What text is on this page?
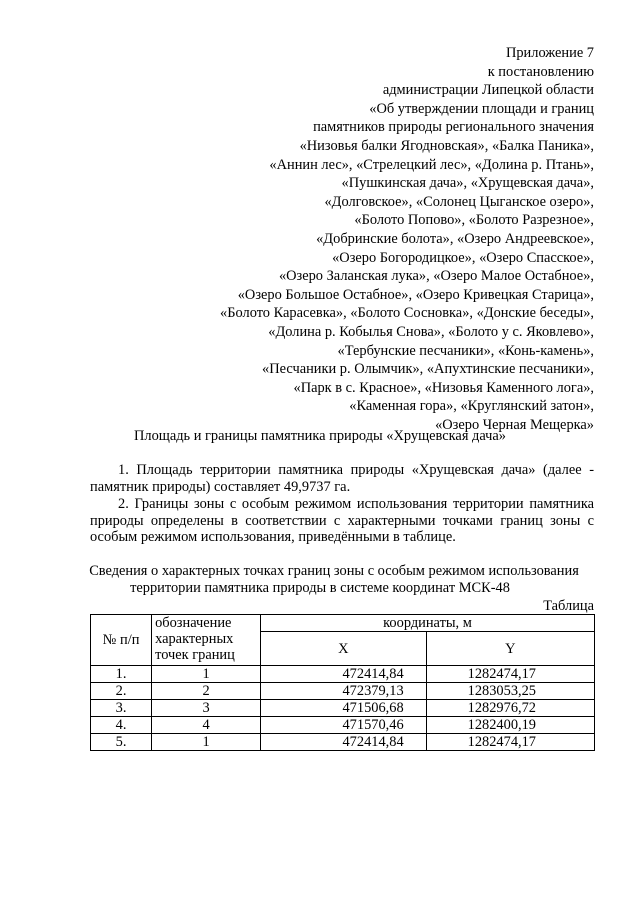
Приложение 7
к постановлению
администрации Липецкой области
«Об утверждении площади и границ
памятников природы регионального значения
«Низовья балки Ягодновская», «Балка Паника»,
«Аннин лес», «Стрелецкий лес», «Долина р. Птань»,
«Пушкинская дача», «Хрущевская дача»,
«Долговское», «Солонец Цыганское озеро»,
«Болото Попово», «Болото Разрезное»,
«Добринские болота», «Озеро Андреевское»,
«Озеро Богородицкое», «Озеро Спасское»,
«Озеро Заланская лука», «Озеро Малое Остабное»,
«Озеро Большое Остабное», «Озеро Кривецкая Старица»,
«Болото Карасевка», «Болото Сосновка», «Донские беседы»,
«Долина р. Кобылья Снова», «Болото у с. Яковлево»,
«Тербунские песчаники», «Конь-камень»,
«Песчаники р. Олымчик», «Апухтинские песчаники»,
«Парк в с. Красное», «Низовья Каменного лога»,
«Каменная гора», «Круглянский затон»,
«Озеро Черная Мещерка»
Площадь и границы памятника природы «Хрущевская дача»
1. Площадь территории памятника природы «Хрущевская дача» (далее - памятник природы) составляет 49,9737 га.
2. Границы зоны с особым режимом использования территории памятника природы определены в соответствии с характерными точками границ зоны с особым режимом использования, приведёнными в таблице.
Сведения о характерных точках границ зоны с особым режимом использования
территории памятника природы в системе координат МСК-48
Таблица
№ п/п	обозначение характерных точек границ	координаты, м	
		X	Y
1.	1	472414,84	1282474,17
2.	2	472379,13	1283053,25
3.	3	471506,68	1282976,72
4.	4	471570,46	1282400,19
5.	1	472414,84	1282474,17
